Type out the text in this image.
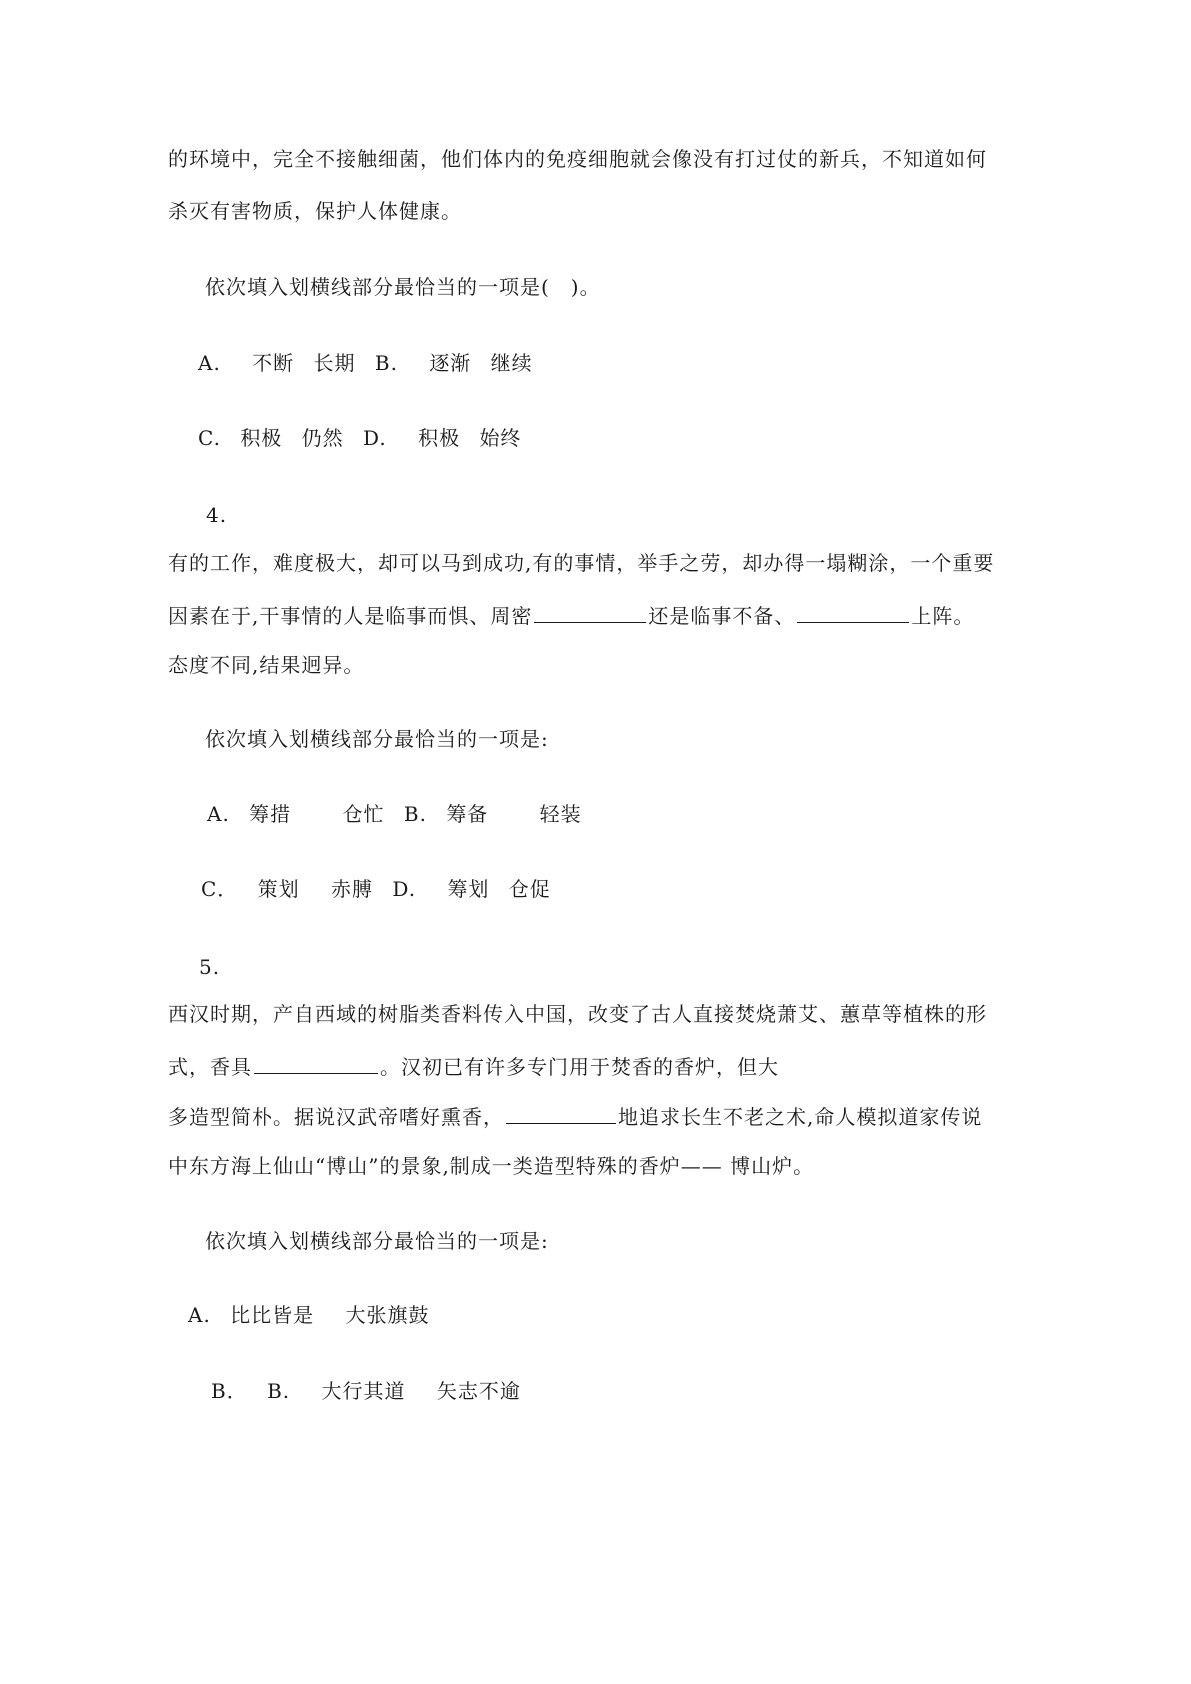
的环境中，完全不接触细菌，他们体内的免疫细胞就会像没有打过仗的新兵，不知道如何
杀灭有害物质，保护人体健康。
依次填入划横线部分最恰当的一项是(　)。
A. 不断 长期 B. 逐渐 继续
C. 积极 仍然 D. 积极 始终
4.
有的工作，难度极大，却可以马到成功,有的事情，举手之劳，却办得一塌糊涂，一个重要
因素在于,干事情的人是临事而惧、周密	还是临事不备、	上阵。
态度不同,结果迥异。
依次填入划横线部分最恰当的一项是:
A. 筹措	仓忙 B. 筹备	轻装
C． 策划 赤膊 D. 筹划 仓促
5.
西汉时期，产自西域的树脂类香料传入中国，改变了古人直接焚烧萧艾、蕙草等植株的形
式，香具	。汉初已有许多专门用于焚香的香炉，但大
多造型简朴。据说汉武帝嗜好熏香，	地追求长生不老之术,命人模拟道家传说
中东方海上仙山“博山”的景象,制成一类造型特殊的香炉—— 博山炉。
依次填入划横线部分最恰当的一项是:
A. 比比皆是 大张旗鼓
B． B. 大行其道 矢志不逾
